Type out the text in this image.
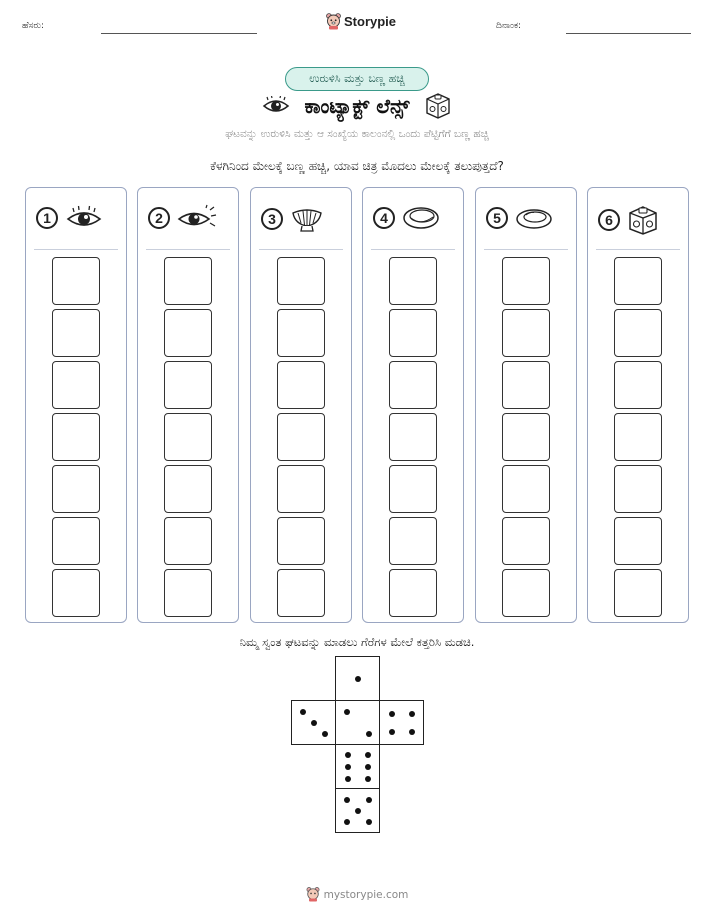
ಹೆಸರು:	Storypie	ದಿನಾಂಕ:
ಉರುಳಿಸಿ ಮತ್ತು ಬಣ್ಣ ಹಚ್ಚಿ
ಕಾಂಟ್ಯಾಕ್ಟ್ ಲೆನ್ಸ್
ಘಟವನ್ನು ಉರುಳಿಸಿ ಮತ್ತು ಆ ಸಂಖ್ಯೆಯ ಕಾಲಂನಲ್ಲಿ ಒಂದು ಪೆಟ್ಟಿಗೆಗೆ ಬಣ್ಣ ಹಚ್ಚಿ
ಕೆಳಗಿನಿಂದ ಮೇಲಕ್ಕೆ ಬಣ್ಣ ಹಚ್ಚಿ, ಯಾವ ಚಿತ್ರ ಮೊದಲು ಮೇಲಕ್ಕೆ ತಲುಪುತ್ತದೆ?
1	2	3	4	5	6
ನಿಮ್ಮ ಸ್ವಂತ ಘಟವನ್ನು ಮಾಡಲು ಗೆರೆಗಳ ಮೇಲೆ ಕತ್ತರಿಸಿ ಮಡಚಿ.
mystorypie.com
